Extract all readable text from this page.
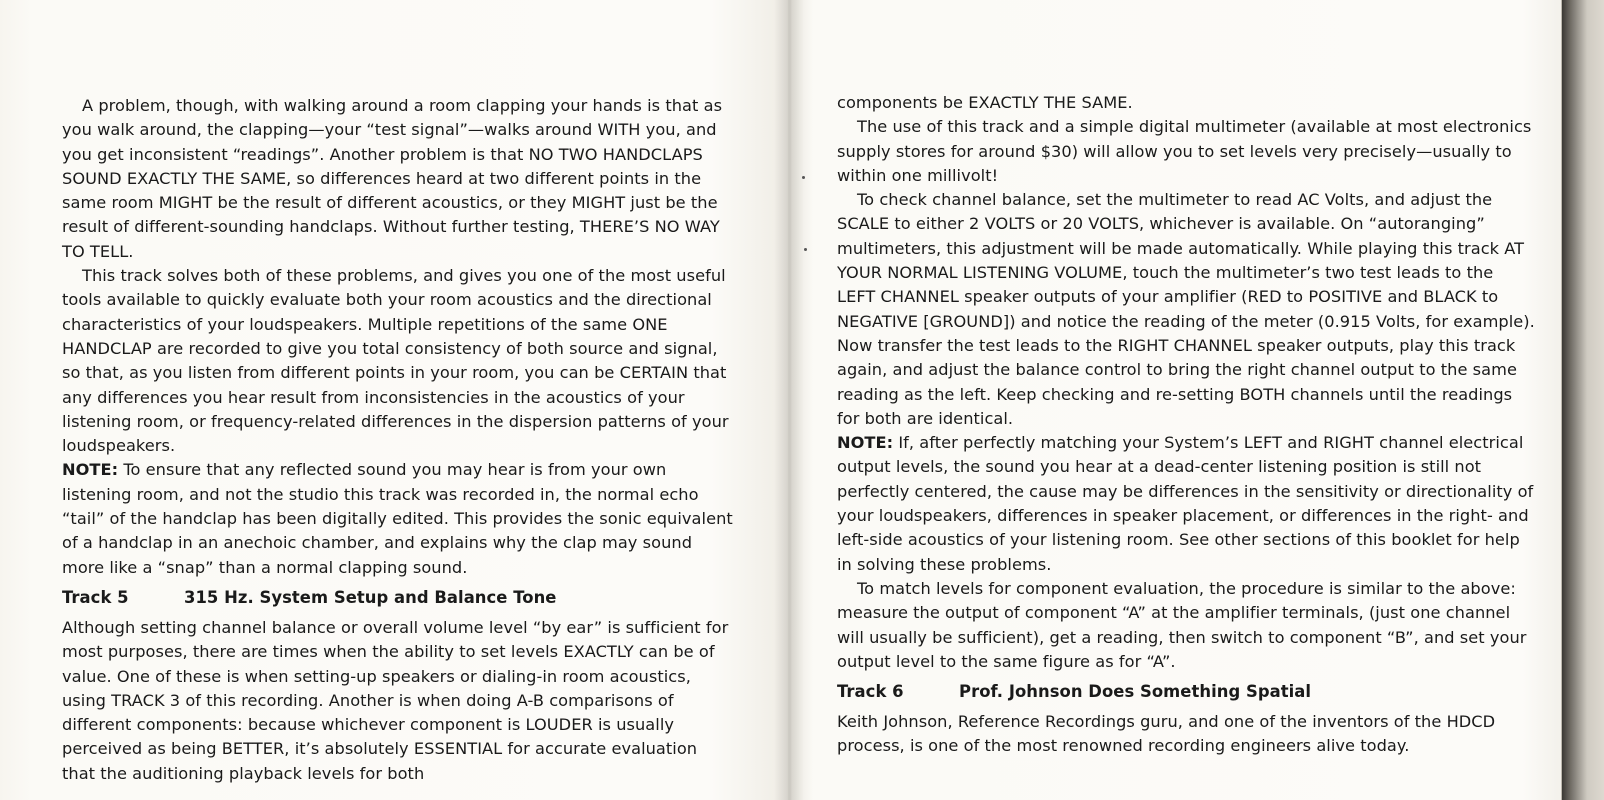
A problem, though, with walking around a room clapping your hands is that as you walk around, the clapping—your “test signal”—walks around WITH you, and you get inconsistent “readings”. Another problem is that NO TWO HANDCLAPS SOUND EXACTLY THE SAME, so differences heard at two different points in the same room MIGHT be the result of different acoustics, or they MIGHT just be the result of different-sounding handclaps. Without further testing, THERE’S NO WAY TO TELL.

This track solves both of these problems, and gives you one of the most useful tools available to quickly evaluate both your room acoustics and the directional characteristics of your loudspeakers. Multiple repetitions of the same ONE HANDCLAP are recorded to give you total consistency of both source and signal, so that, as you listen from different points in your room, you can be CERTAIN that any differences you hear result from inconsistencies in the acoustics of your listening room, or frequency-related differences in the dispersion patterns of your loudspeakers.

NOTE: To ensure that any reflected sound you may hear is from your own listening room, and not the studio this track was recorded in, the normal echo “tail” of the handclap has been digitally edited. This provides the sonic equivalent of a handclap in an anechoic chamber, and explains why the clap may sound more like a “snap” than a normal clapping sound.

Track 5	315 Hz. System Setup and Balance Tone

Although setting channel balance or overall volume level “by ear” is sufficient for most purposes, there are times when the ability to set levels EXACTLY can be of value. One of these is when setting-up speakers or dialing-in room acoustics, using TRACK 3 of this recording. Another is when doing A-B comparisons of different components: because whichever component is LOUDER is usually perceived as being BETTER, it’s absolutely ESSENTIAL for accurate evaluation that the auditioning playback levels for both

components be EXACTLY THE SAME.

The use of this track and a simple digital multimeter (available at most electronics supply stores for around $30) will allow you to set levels very precisely—usually to within one millivolt!

To check channel balance, set the multimeter to read AC Volts, and adjust the SCALE to either 2 VOLTS or 20 VOLTS, whichever is available. On “autoranging” multimeters, this adjustment will be made automatically. While playing this track AT YOUR NORMAL LISTENING VOLUME, touch the multimeter’s two test leads to the LEFT CHANNEL speaker outputs of your amplifier (RED to POSITIVE and BLACK to NEGATIVE [GROUND]) and notice the reading of the meter (0.915 Volts, for example). Now transfer the test leads to the RIGHT CHANNEL speaker outputs, play this track again, and adjust the balance control to bring the right channel output to the same reading as the left. Keep checking and re-setting BOTH channels until the readings for both are identical.

NOTE: If, after perfectly matching your System’s LEFT and RIGHT channel electrical output levels, the sound you hear at a dead-center listening position is still not perfectly centered, the cause may be differences in the sensitivity or directionality of your loudspeakers, differences in speaker placement, or differences in the right- and left-side acoustics of your listening room. See other sections of this booklet for help in solving these problems.

To match levels for component evaluation, the procedure is similar to the above: measure the output of component “A” at the amplifier terminals, (just one channel will usually be sufficient), get a reading, then switch to component “B”, and set your output level to the same figure as for “A”.

Track 6	Prof. Johnson Does Something Spatial

Keith Johnson, Reference Recordings guru, and one of the inventors of the HDCD process, is one of the most renowned recording engineers alive today.
